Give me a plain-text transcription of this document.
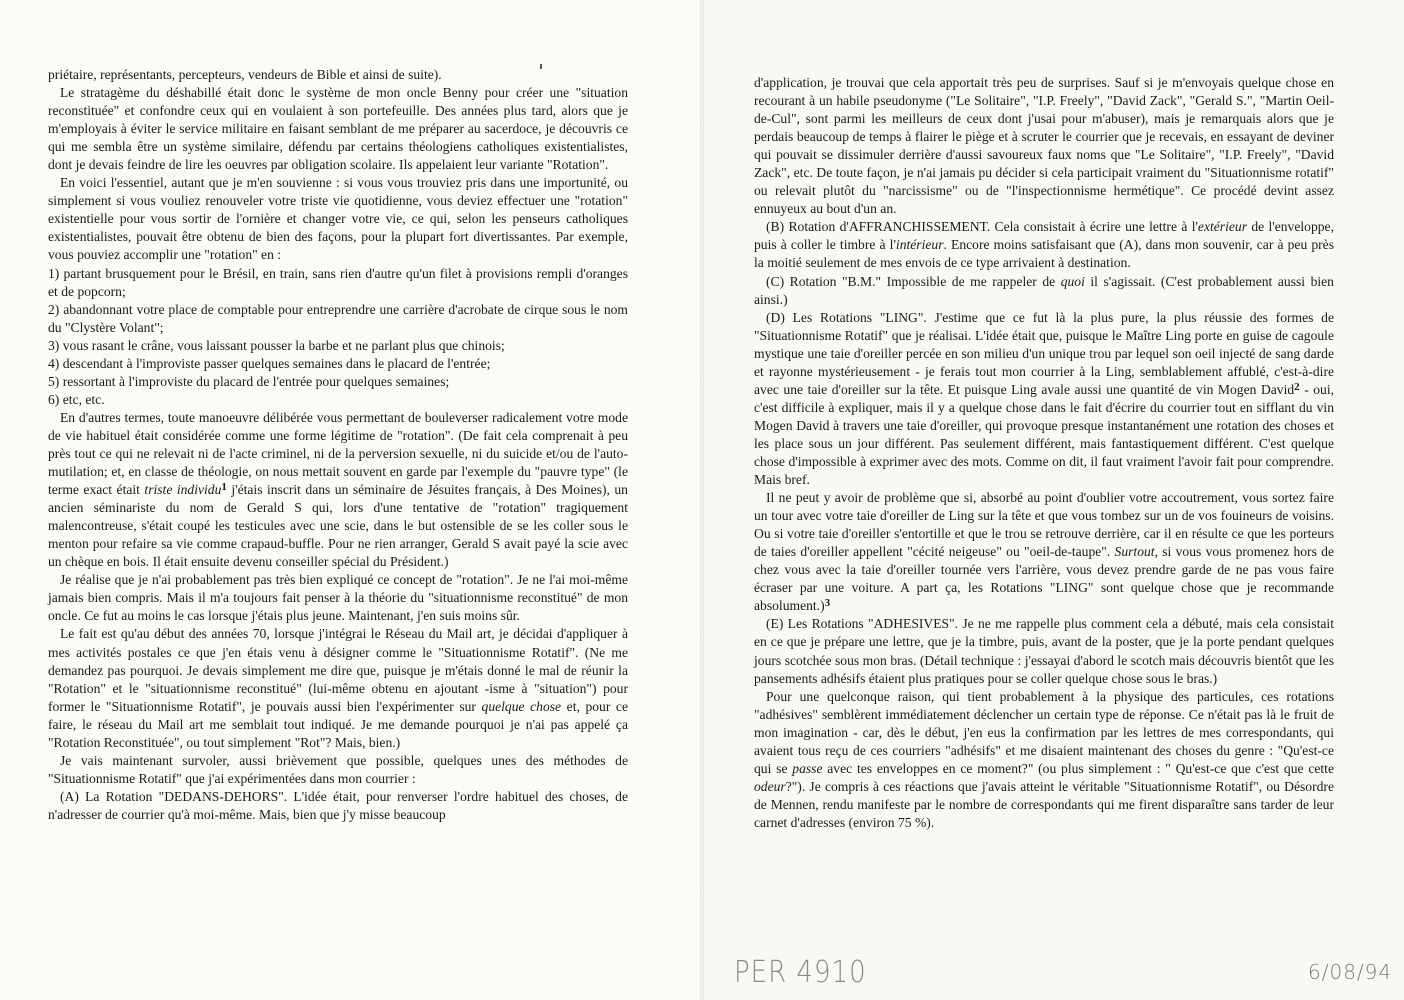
priétaire, représentants, percepteurs, vendeurs de Bible et ainsi de suite).

Le stratagème du déshabillé était donc le système de mon oncle Benny pour créer une "situation reconstituée" et confondre ceux qui en voulaient à son portefeuille. Des années plus tard, alors que je m'employais à éviter le service militaire en faisant semblant de me préparer au sacerdoce, je découvris ce qui me sembla être un système similaire, défendu par certains théologiens catholiques existentialistes, dont je devais feindre de lire les oeuvres par obligation scolaire. Ils appelaient leur variante "Rotation".

En voici l'essentiel, autant que je m'en souvienne : si vous vous trouviez pris dans une importunité, ou simplement si vous vouliez renouveler votre triste vie quotidienne, vous deviez effectuer une "rotation" existentielle pour vous sortir de l'ornière et changer votre vie, ce qui, selon les penseurs catholiques existentialistes, pouvait être obtenu de bien des façons, pour la plupart fort divertissantes. Par exemple, vous pouviez accomplir une "rotation" en :

1) partant brusquement pour le Brésil, en train, sans rien d'autre qu'un filet à provisions rempli d'oranges et de popcorn;

2) abandonnant votre place de comptable pour entreprendre une carrière d'acrobate de cirque sous le nom du "Clystère Volant";

3) vous rasant le crâne, vous laissant pousser la barbe et ne parlant plus que chinois;

4) descendant à l'improviste passer quelques semaines dans le placard de l'entrée;

5) ressortant à l'improviste du placard de l'entrée pour quelques semaines;

6) etc, etc.

En d'autres termes, toute manoeuvre délibérée vous permettant de bouleverser radicalement votre mode de vie habituel était considérée comme une forme légitime de "rotation". (De fait cela comprenait à peu près tout ce qui ne relevait ni de l'acte criminel, ni de la perversion sexuelle, ni du suicide et/ou de l'auto-mutilation; et, en classe de théologie, on nous mettait souvent en garde par l'exemple du "pauvre type" (le terme exact était triste individu$^1$ j'étais inscrit dans un séminaire de Jésuites français, à Des Moines), un ancien séminariste du nom de Gerald S qui, lors d'une tentative de "rotation" tragiquement malencontreuse, s'était coupé les testicules avec une scie, dans le but ostensible de se les coller sous le menton pour refaire sa vie comme crapaud-buffle. Pour ne rien arranger, Gerald S avait payé la scie avec un chèque en bois. Il était ensuite devenu conseiller spécial du Président.)

Je réalise que je n'ai probablement pas très bien expliqué ce concept de "rotation". Je ne l'ai moi-même jamais bien compris. Mais il m'a toujours fait penser à la théorie du "situationnisme reconstitué" de mon oncle. Ce fut au moins le cas lorsque j'étais plus jeune. Maintenant, j'en suis moins sûr.

Le fait est qu'au début des années 70, lorsque j'intégrai le Réseau du Mail art, je décidai d'appliquer à mes activités postales ce que j'en étais venu à désigner comme le "Situationnisme Rotatif". (Ne me demandez pas pourquoi. Je devais simplement me dire que, puisque je m'étais donné le mal de réunir la "Rotation" et le "situationnisme reconstitué" (lui-même obtenu en ajoutant -isme à "situation") pour former le "Situationnisme Rotatif", je pouvais aussi bien l'expérimenter sur quelque chose et, pour ce faire, le réseau du Mail art me semblait tout indiqué. Je me demande pourquoi je n'ai pas appelé ça "Rotation Reconstituée", ou tout simplement "Rot"? Mais, bien.)

Je vais maintenant survoler, aussi brièvement que possible, quelques unes des méthodes de "Situationnisme Rotatif" que j'ai expérimentées dans mon courrier :

(A) La Rotation "DEDANS-DEHORS". L'idée était, pour renverser l'ordre habituel des choses, de n'adresser de courrier qu'à moi-même. Mais, bien que j'y misse beaucoup

d'application, je trouvai que cela apportait très peu de surprises. Sauf si je m'envoyais quelque chose en recourant à un habile pseudonyme ("Le Solitaire", "I.P. Freely", "David Zack", "Gerald S.", "Martin Oeil-de-Cul", sont parmi les meilleurs de ceux dont j'usai pour m'abuser), mais je remarquais alors que je perdais beaucoup de temps à flairer le piège et à scruter le courrier que je recevais, en essayant de deviner qui pouvait se dissimuler derrière d'aussi savoureux faux noms que "Le Solitaire", "I.P. Freely", "David Zack", etc. De toute façon, je n'ai jamais pu décider si cela participait vraiment du "Situationnisme rotatif" ou relevait plutôt du "narcissisme" ou de "l'inspectionnisme hermétique". Ce procédé devint assez ennuyeux au bout d'un an.

(B) Rotation d'AFFRANCHISSEMENT. Cela consistait à écrire une lettre à l'extérieur de l'enveloppe, puis à coller le timbre à l'intérieur. Encore moins satisfaisant que (A), dans mon souvenir, car à peu près la moitié seulement de mes envois de ce type arrivaient à destination.

(C) Rotation "B.M." Impossible de me rappeler de quoi il s'agissait. (C'est probablement aussi bien ainsi.)

(D) Les Rotations "LING". J'estime que ce fut là la plus pure, la plus réussie des formes de "Situationnisme Rotatif" que je réalisai. L'idée était que, puisque le Maître Ling porte en guise de cagoule mystique une taie d'oreiller percée en son milieu d'un unique trou par lequel son oeil injecté de sang darde et rayonne mystérieusement - je ferais tout mon courrier à la Ling, semblablement affublé, c'est-à-dire avec une taie d'oreiller sur la tête. Et puisque Ling avale aussi une quantité de vin Mogen David$^2$ - oui, c'est difficile à expliquer, mais il y a quelque chose dans le fait d'écrire du courrier tout en sifflant du vin Mogen David à travers une taie d'oreiller, qui provoque presque instantanément une rotation des choses et les place sous un jour différent. Pas seulement différent, mais fantastiquement différent. C'est quelque chose d'impossible à exprimer avec des mots. Comme on dit, il faut vraiment l'avoir fait pour comprendre. Mais bref.

Il ne peut y avoir de problème que si, absorbé au point d'oublier votre accoutrement, vous sortez faire un tour avec votre taie d'oreiller de Ling sur la tête et que vous tombez sur un de vos fouineurs de voisins. Ou si votre taie d'oreiller s'entortille et que le trou se retrouve derrière, car il en résulte ce que les porteurs de taies d'oreiller appellent "cécité neigeuse" ou "oeil-de-taupe". Surtout, si vous vous promenez hors de chez vous avec la taie d'oreiller tournée vers l'arrière, vous devez prendre garde de ne pas vous faire écraser par une voiture. A part ça, les Rotations "LING" sont quelque chose que je recommande absolument.)$^3$

(E) Les Rotations "ADHESIVES". Je ne me rappelle plus comment cela a débuté, mais cela consistait en ce que je prépare une lettre, que je la timbre, puis, avant de la poster, que je la porte pendant quelques jours scotchée sous mon bras. (Détail technique : j'essayai d'abord le scotch mais découvris bientôt que les pansements adhésifs étaient plus pratiques pour se coller quelque chose sous le bras.)

Pour une quelconque raison, qui tient probablement à la physique des particules, ces rotations "adhésives" semblèrent immédiatement déclencher un certain type de réponse. Ce n'était pas là le fruit de mon imagination - car, dès le début, j'en eus la confirmation par les lettres de mes correspondants, qui avaient tous reçu de ces courriers "adhésifs" et me disaient maintenant des choses du genre : "Qu'est-ce qui se passe avec tes enveloppes en ce moment?" (ou plus simplement : " Qu'est-ce que c'est que cette odeur?"). Je compris à ces réactions que j'avais atteint le véritable "Situationnisme Rotatif", ou Désordre de Mennen, rendu manifeste par le nombre de correspondants qui me firent disparaître sans tarder de leur carnet d'adresses (environ 75 %).

PER 4910	6/08/94
